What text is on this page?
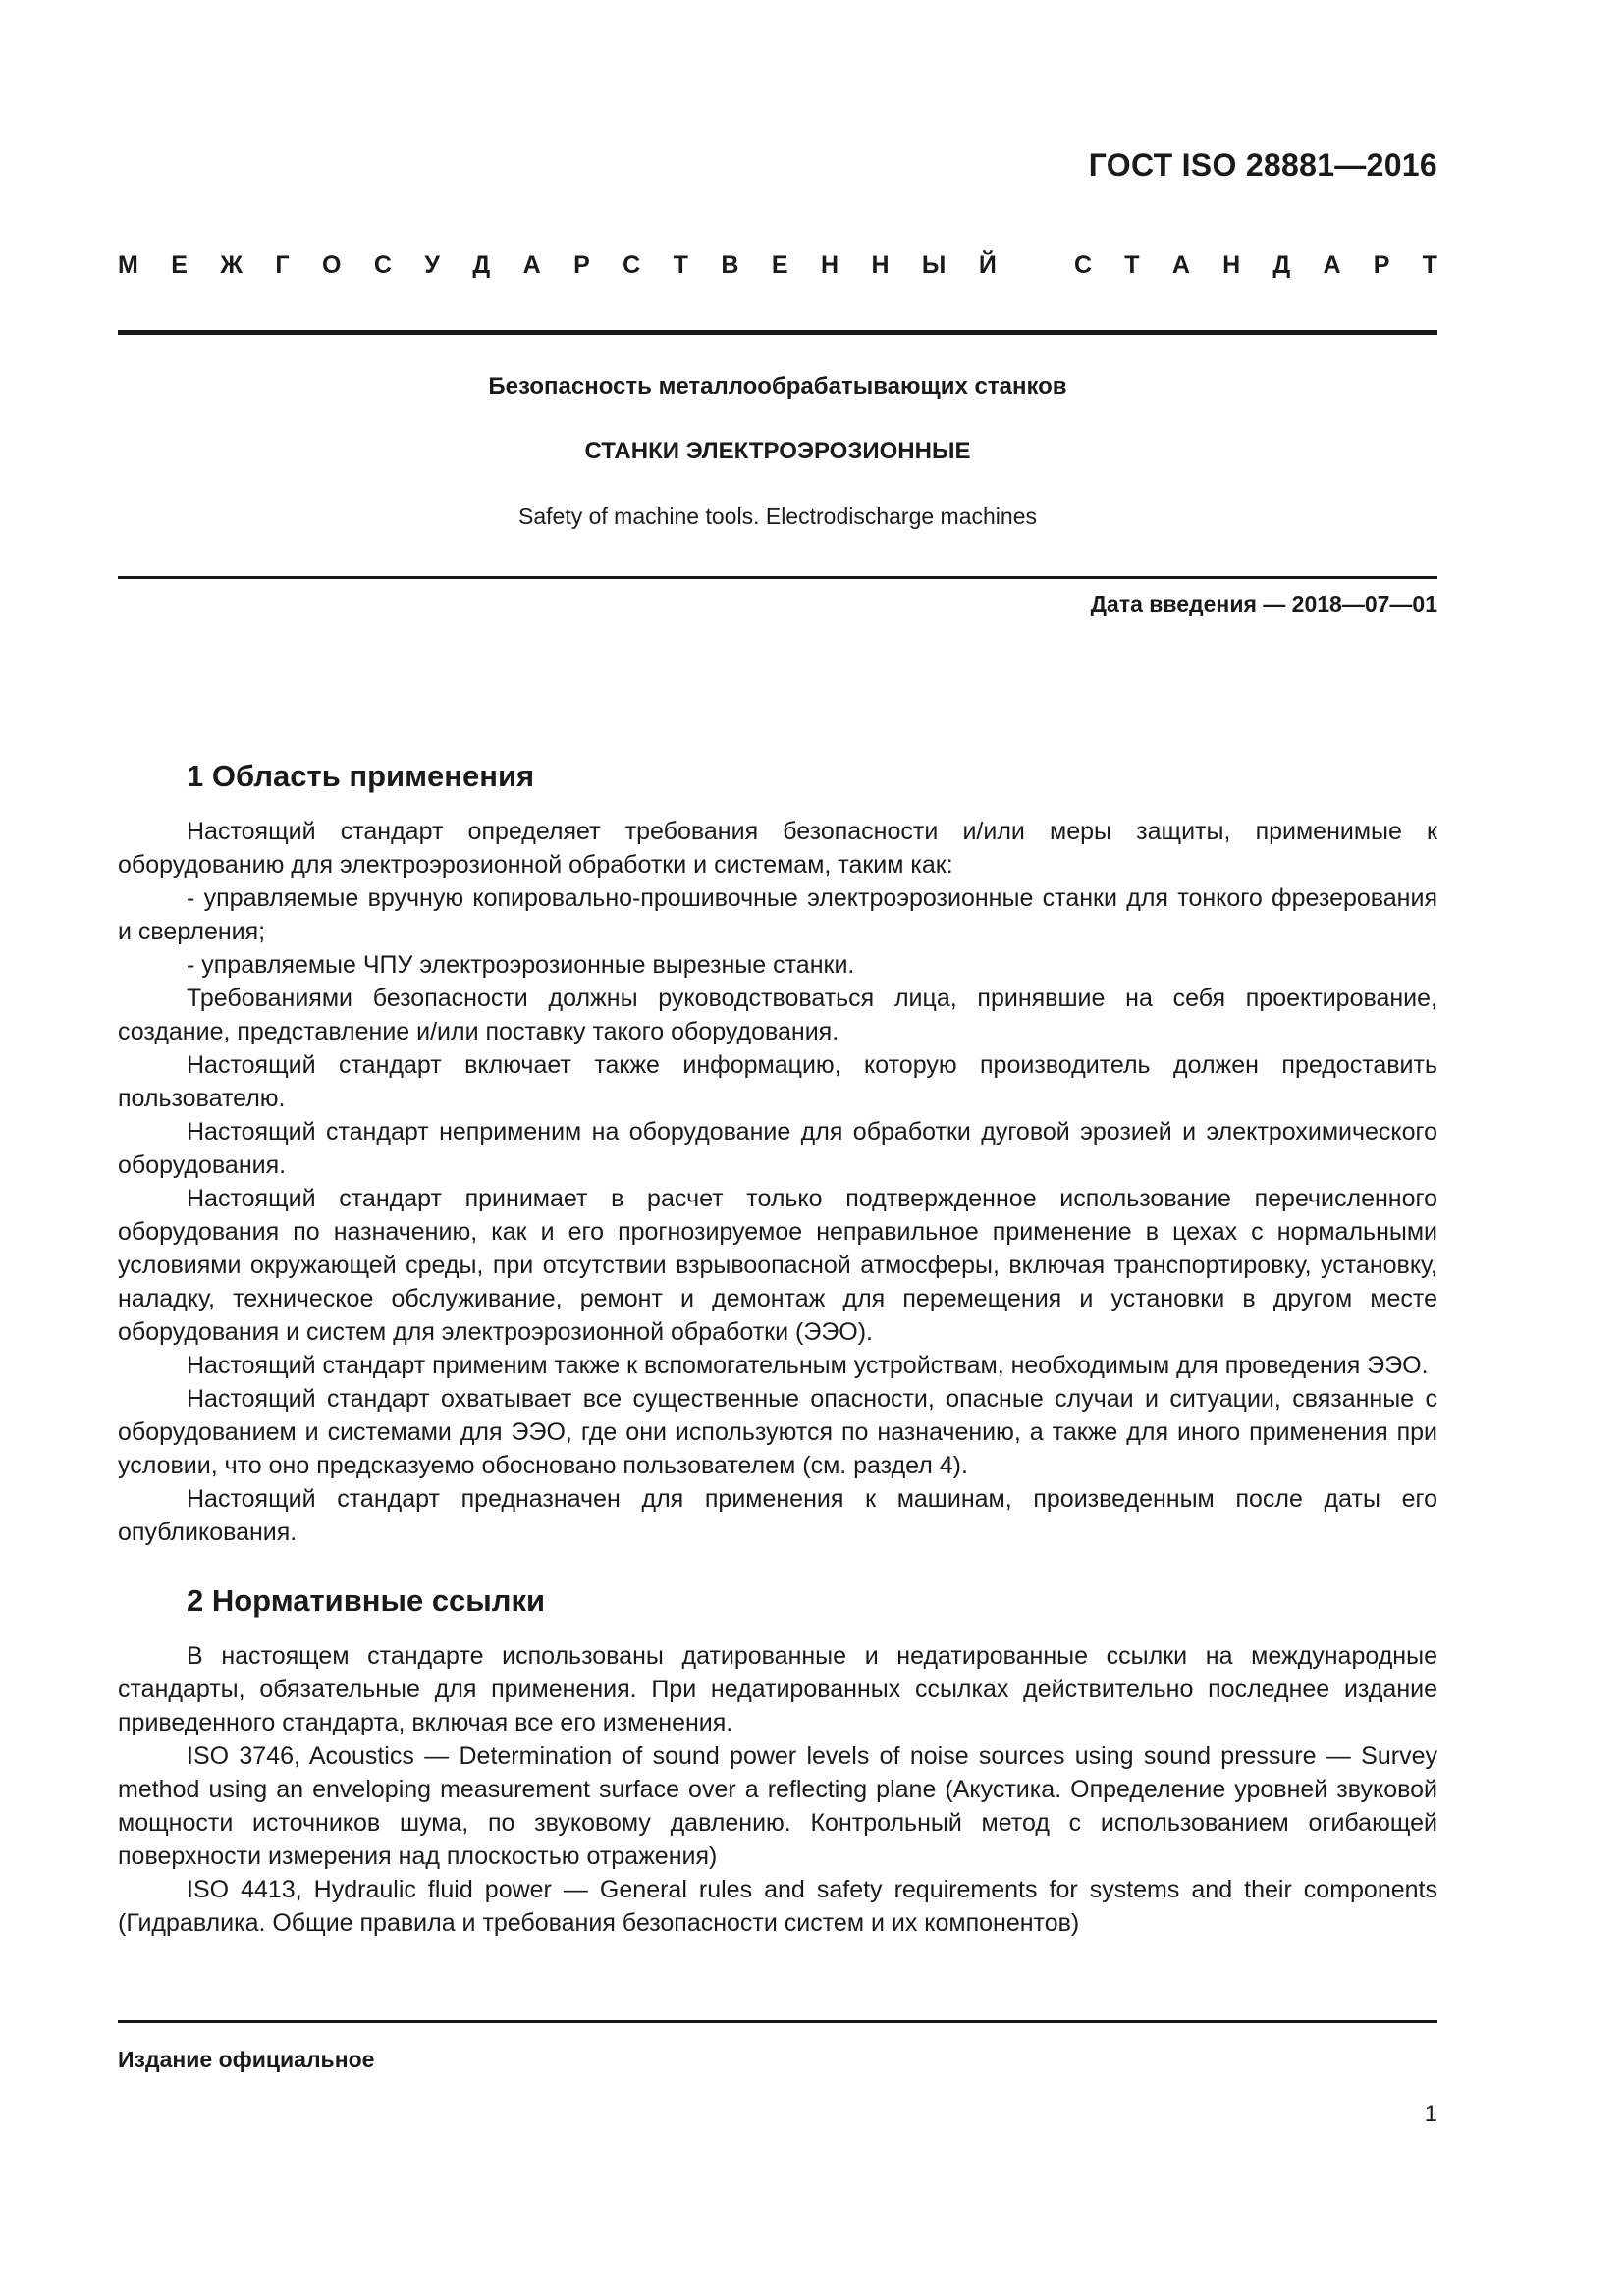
ГОСТ ISO 28881—2016
М Е Ж Г О С У Д А Р С Т В Е Н Н Ы Й	С Т А Н Д А Р Т
Безопасность металлообрабатывающих станков
СТАНКИ ЭЛЕКТРОЭРОЗИОННЫЕ
Safety of machine tools. Electrodischarge machines
Дата введения — 2018—07—01
1 Область применения

Настоящий стандарт определяет требования безопасности и/или меры защиты, применимые к оборудованию для электроэрозионной обработки и системам, таким как:

- управляемые вручную копировально-прошивочные электроэрозионные станки для тонкого фрезерования и сверления;

- управляемые ЧПУ электроэрозионные вырезные станки.

Требованиями безопасности должны руководствоваться лица, принявшие на себя проектирование, создание, представление и/или поставку такого оборудования.

Настоящий стандарт включает также информацию, которую производитель должен предоставить пользователю.

Настоящий стандарт неприменим на оборудование для обработки дуговой эрозией и электрохимического оборудования.

Настоящий стандарт принимает в расчет только подтвержденное использование перечисленного оборудования по назначению, как и его прогнозируемое неправильное применение в цехах с нормальными условиями окружающей среды, при отсутствии взрывоопасной атмосферы, включая транспортировку, установку, наладку, техническое обслуживание, ремонт и демонтаж для перемещения и установки в другом месте оборудования и систем для электроэрозионной обработки (ЭЭО).

Настоящий стандарт применим также к вспомогательным устройствам, необходимым для проведения ЭЭО.

Настоящий стандарт охватывает все существенные опасности, опасные случаи и ситуации, связанные с оборудованием и системами для ЭЭО, где они используются по назначению, а также для иного применения при условии, что оно предсказуемо обосновано пользователем (см. раздел 4).

Настоящий стандарт предназначен для применения к машинам, произведенным после даты его опубликования.

2 Нормативные ссылки

В настоящем стандарте использованы датированные и недатированные ссылки на международные стандарты, обязательные для применения. При недатированных ссылках действительно последнее издание приведенного стандарта, включая все его изменения.

ISO 3746, Acoustics — Determination of sound power levels of noise sources using sound pressure — Survey method using an enveloping measurement surface over a reflecting plane (Акустика. Определение уровней звуковой мощности источников шума, по звуковому давлению. Контрольный метод с использованием огибающей поверхности измерения над плоскостью отражения)

ISO 4413, Hydraulic fluid power — General rules and safety requirements for systems and their components (Гидравлика. Общие правила и требования безопасности систем и их компонентов)

Издание официальное
1
